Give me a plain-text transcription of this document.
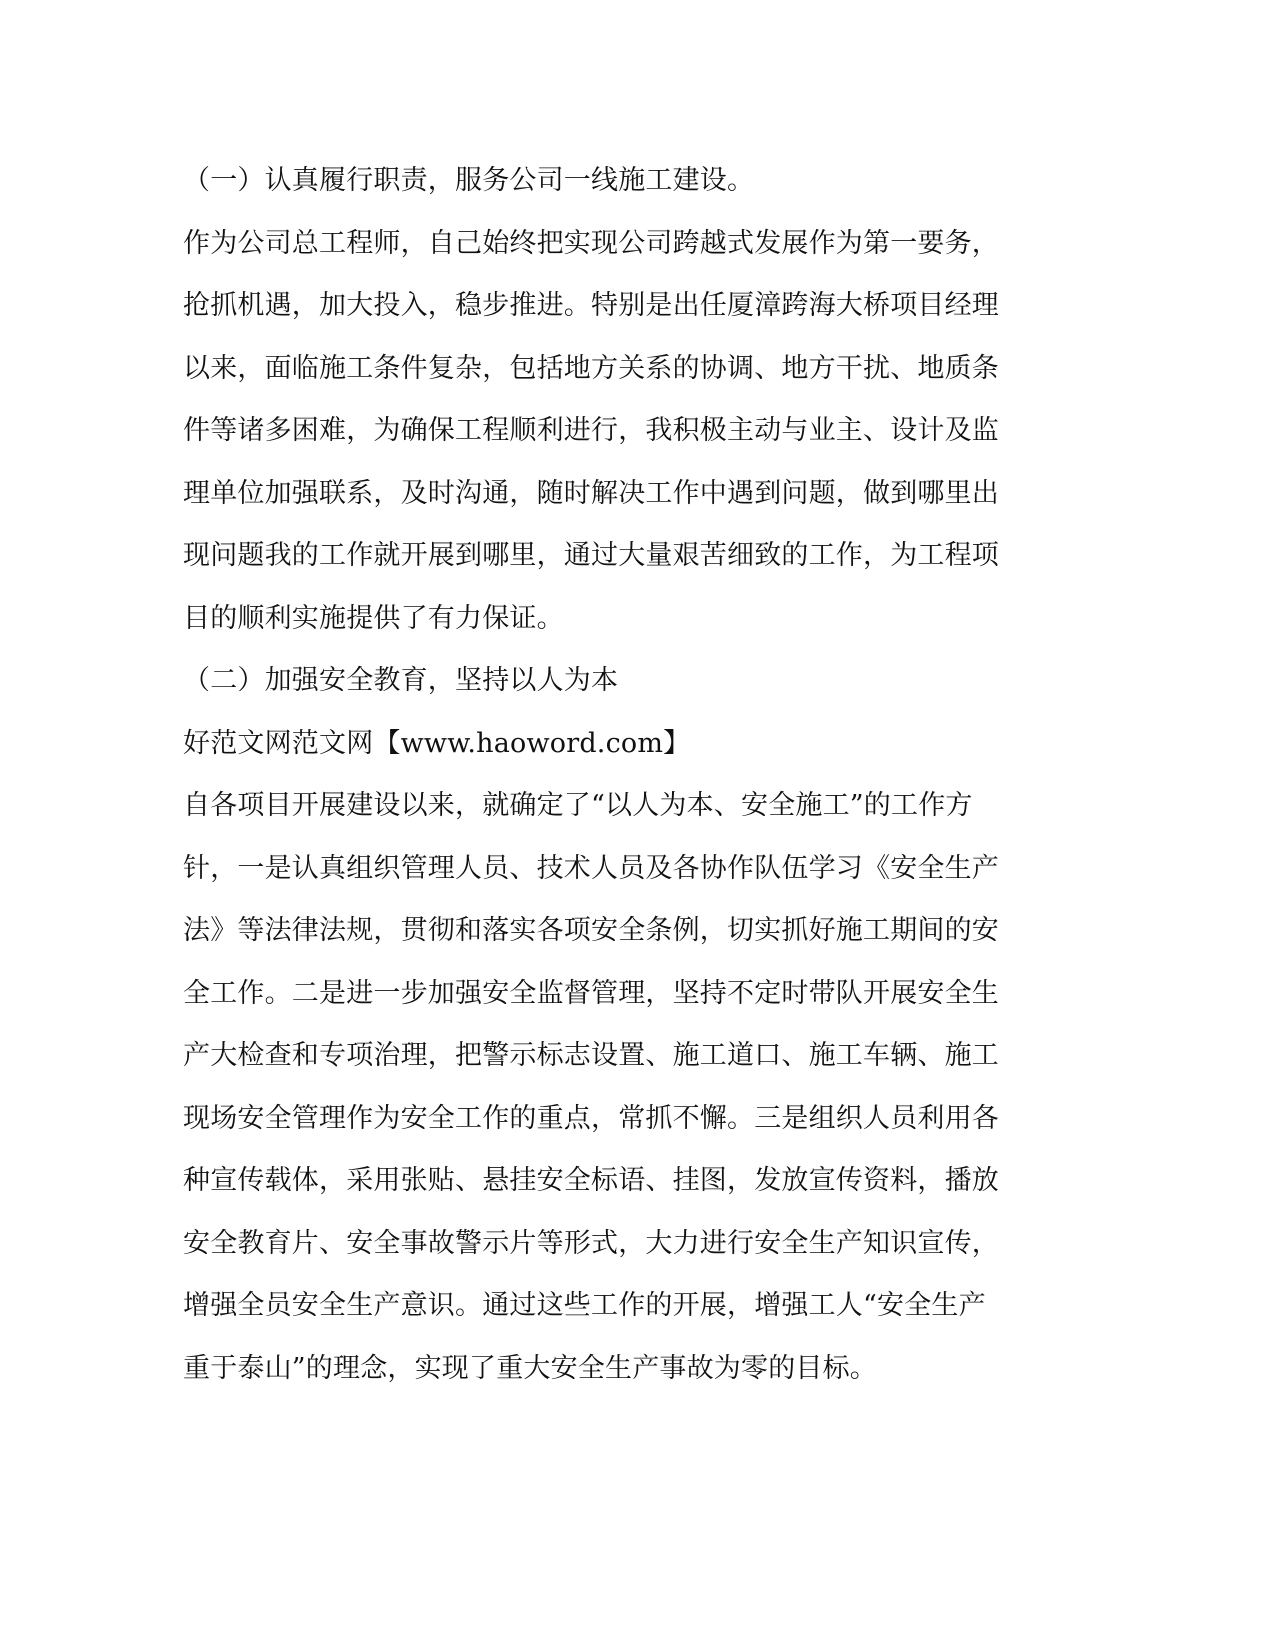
（一）认真履行职责，服务公司一线施工建设。
作为公司总工程师，自己始终把实现公司跨越式发展作为第一要务，
抢抓机遇，加大投入，稳步推进。特别是出任厦漳跨海大桥项目经理
以来，面临施工条件复杂，包括地方关系的协调、地方干扰、地质条
件等诸多困难，为确保工程顺利进行，我积极主动与业主、设计及监
理单位加强联系，及时沟通，随时解决工作中遇到问题，做到哪里出
现问题我的工作就开展到哪里，通过大量艰苦细致的工作，为工程项
目的顺利实施提供了有力保证。
（二）加强安全教育，坚持以人为本
好范文网范文网【www.haoword.com】
自各项目开展建设以来，就确定了“以人为本、安全施工”的工作方
针，一是认真组织管理人员、技术人员及各协作队伍学习《安全生产
法》等法律法规，贯彻和落实各项安全条例，切实抓好施工期间的安
全工作。二是进一步加强安全监督管理，坚持不定时带队开展安全生
产大检查和专项治理，把警示标志设置、施工道口、施工车辆、施工
现场安全管理作为安全工作的重点，常抓不懈。三是组织人员利用各
种宣传载体，采用张贴、悬挂安全标语、挂图，发放宣传资料，播放
安全教育片、安全事故警示片等形式，大力进行安全生产知识宣传，
增强全员安全生产意识。通过这些工作的开展，增强工人“安全生产
重于泰山”的理念，实现了重大安全生产事故为零的目标。
